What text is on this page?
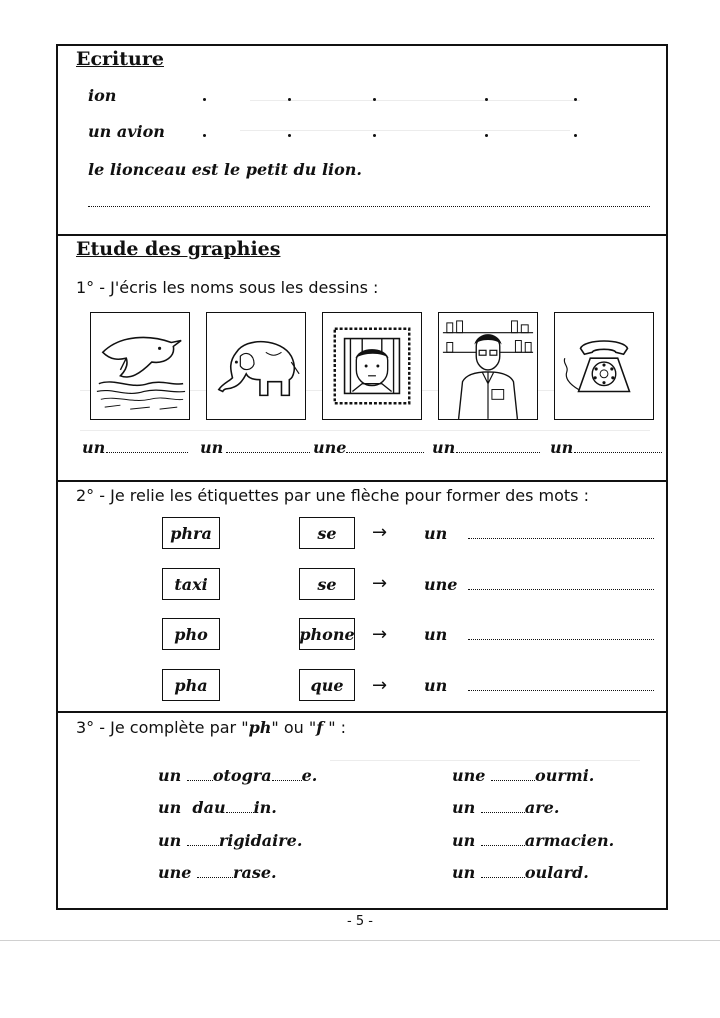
Ecriture
ion
un avion
le lionceau est le petit du lion.
Etude des graphies
1° - J'écris les noms sous les dessins :
un	un	une	un	un
2° - Je relie les étiquettes par une flèche pour former des mots :
phra	se	→ un
taxi	se	→ une
pho	phone → un
pha	que	→ un
3° - Je complète par "ph" ou "f " :
un otogra e.
un dau in.
un rigidaire.
une	rase.
une	ourmi.
un	are.
un	armacien.
un	oulard.
- 5 -
